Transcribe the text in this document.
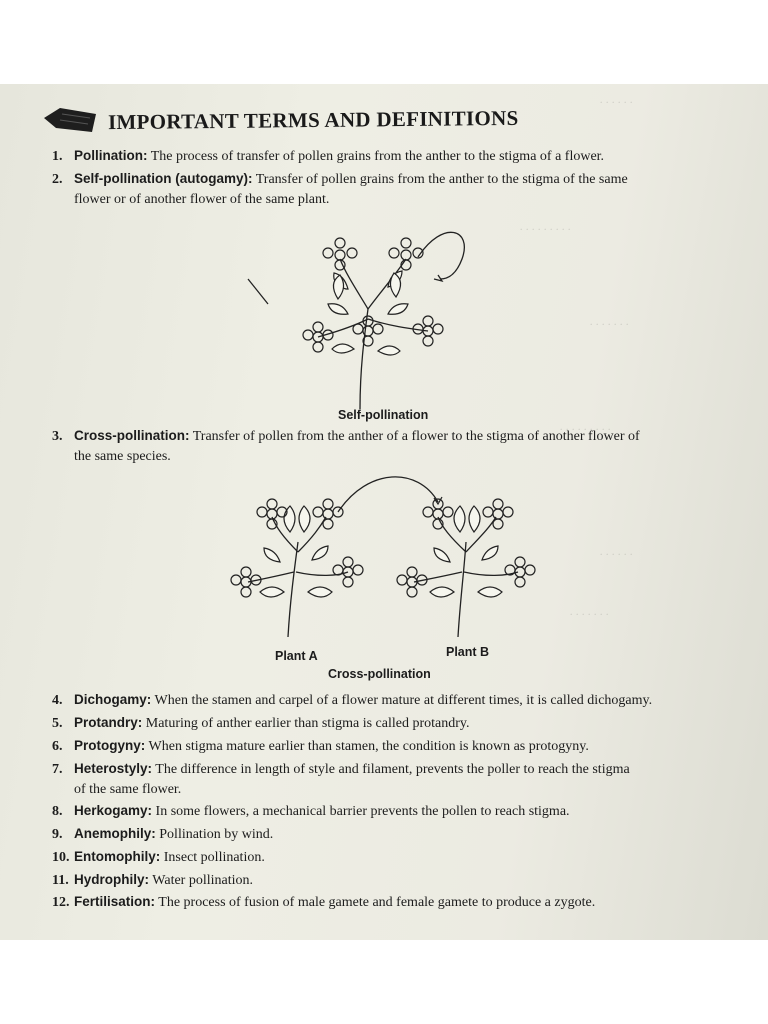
. . . . . .
. . . . . . . . .
. . . . . . .
. . . . . . . . .
. . . . . .
. . . . . . .
IMPORTANT TERMS AND DEFINITIONS
1. Pollination: The process of transfer of pollen grains from the anther to the stigma of a flower.
2. Self-pollination (autogamy): Transfer of pollen grains from the anther to the stigma of the same
flower or of another flower of the same plant.
Self-pollination
3. Cross-pollination: Transfer of pollen from the anther of a flower to the stigma of another flower of
the same species.
Plant A	Plant B
Cross-pollination
4. Dichogamy: When the stamen and carpel of a flower mature at different times, it is called dichogamy.
5. Protandry: Maturing of anther earlier than stigma is called protandry.
6. Protogyny: When stigma mature earlier than stamen, the condition is known as protogyny.
7. Heterostyly: The difference in length of style and filament, prevents the poller to reach the stigma
of the same flower.
8. Herkogamy: In some flowers, a mechanical barrier prevents the pollen to reach stigma.
9. Anemophily: Pollination by wind.
10. Entomophily: Insect pollination.
11. Hydrophily: Water pollination.
12. Fertilisation: The process of fusion of male gamete and female gamete to produce a zygote.
